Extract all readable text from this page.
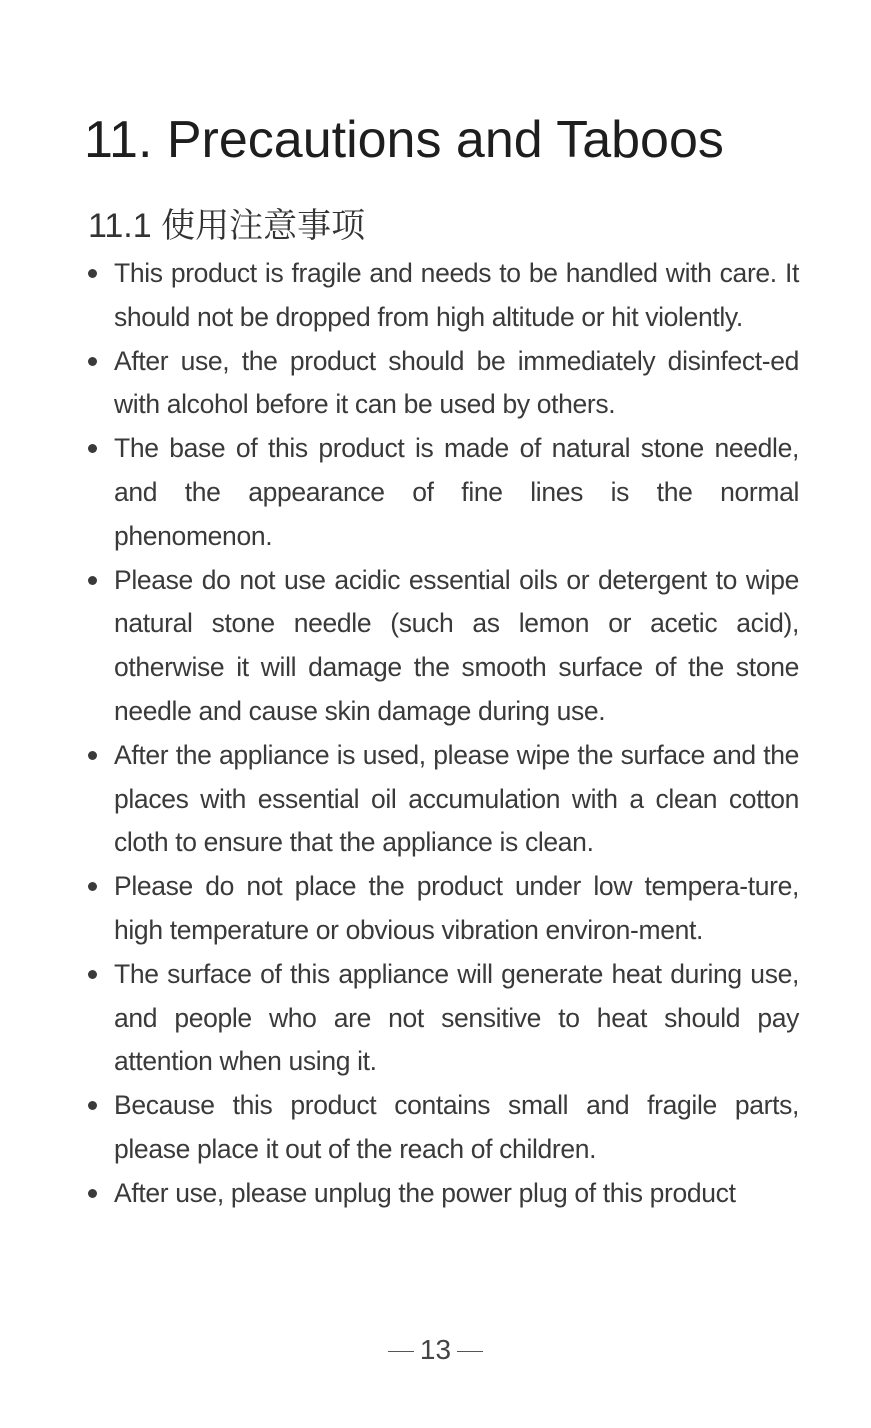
11. Precautions and Taboos
11.1 使用注意事项
This product is fragile and needs to be handled with care. It should not be dropped from high altitude or hit violently.
After use, the product should be immediately disinfect-ed with alcohol before it can be used by others.
The base of this product is made of natural stone needle, and the appearance of fine lines is the normal phenomenon.
Please do not use acidic essential oils or detergent to wipe natural stone needle (such as lemon or acetic acid), otherwise it will damage the smooth surface of the stone needle and cause skin damage during use.
After the appliance is used, please wipe the surface and the places with essential oil accumulation with a clean cotton cloth to ensure that the appliance is clean.
Please do not place the product under low tempera-ture, high temperature or obvious vibration environ-ment.
The surface of this appliance will generate heat during use, and people who are not sensitive to heat should pay attention when using it.
Because this product contains small and fragile parts, please place it out of the reach of children.
After use, please unplug the power plug of this product
13
